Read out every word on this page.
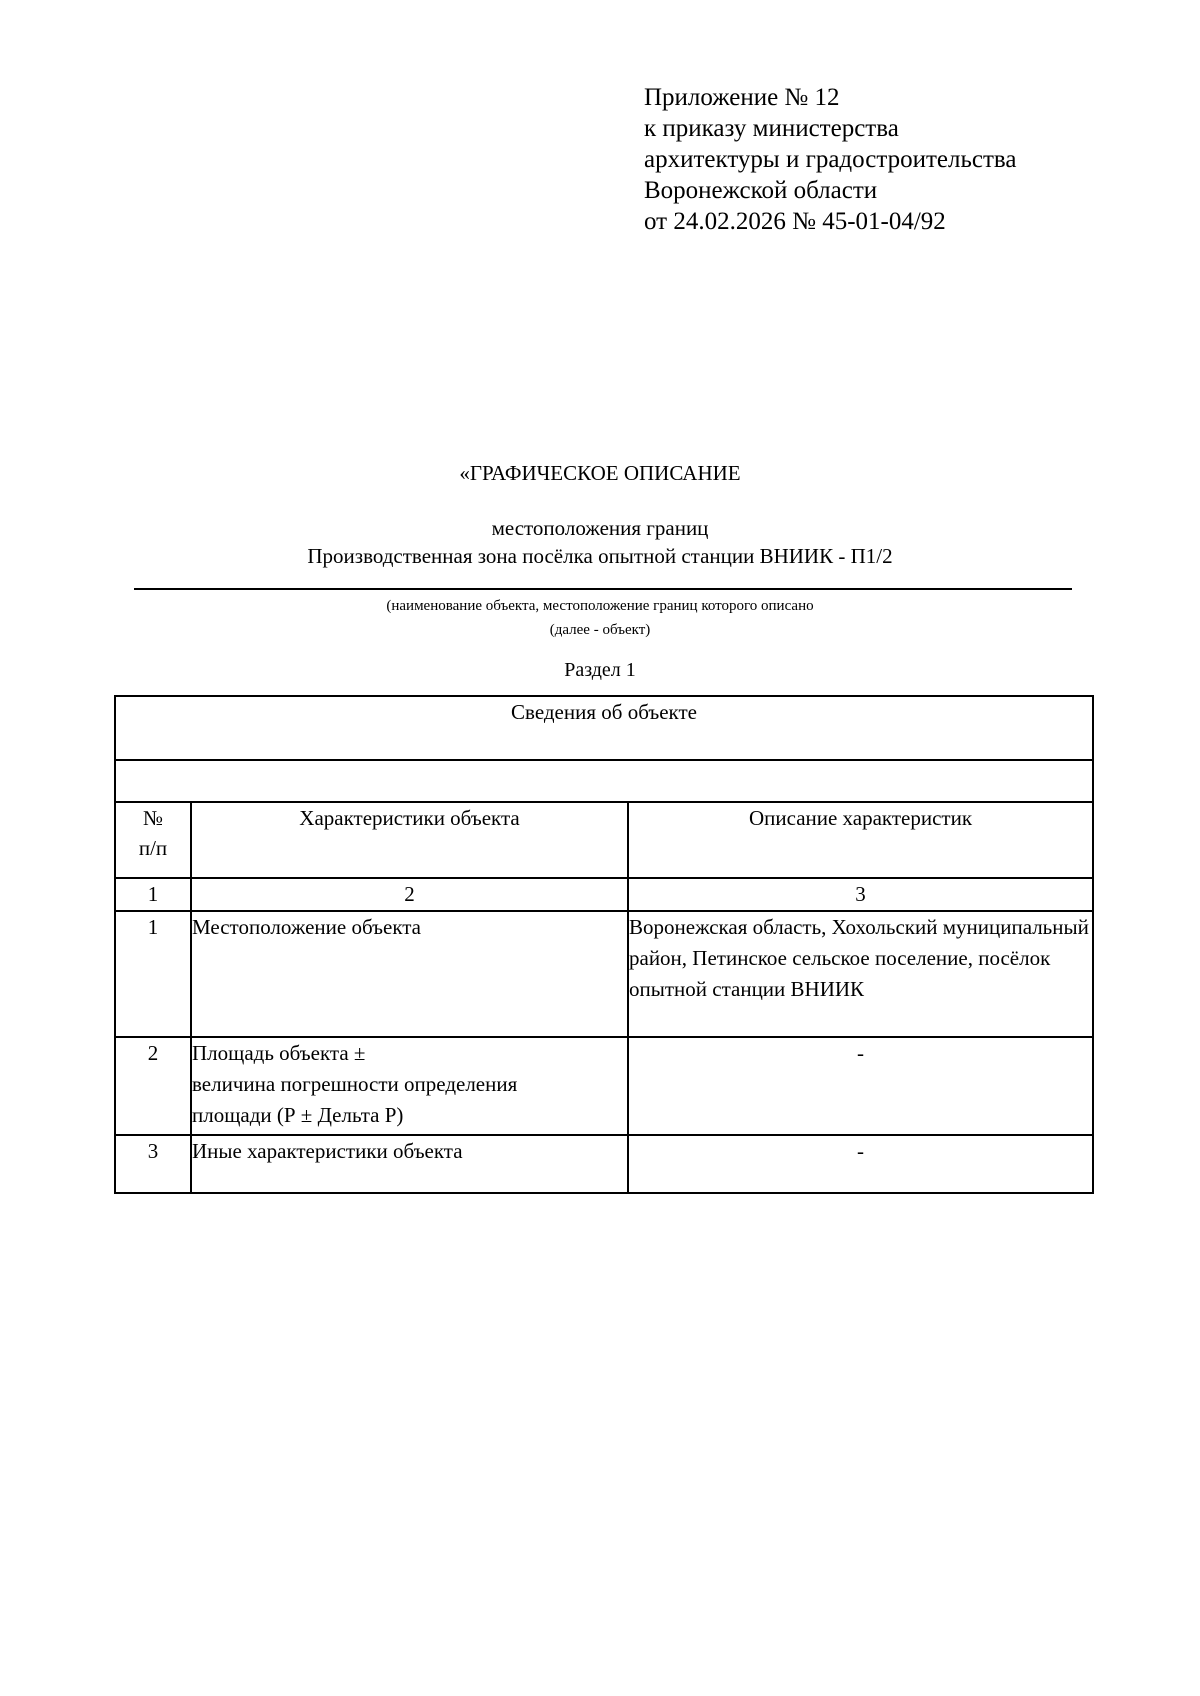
Приложение № 12
к приказу министерства
архитектуры и градостроительства
Воронежской области
от 24.02.2026 № 45-01-04/92
«ГРАФИЧЕСКОЕ ОПИСАНИЕ
местоположения границ
Производственная зона посёлка опытной станции ВНИИК - П1/2
(наименование объекта, местоположение границ которого описано
(далее - объект)
Раздел 1
Сведения об объекте		

№
п/п	Характеристики объекта	Описание характеристик
1	2	3
1	Местоположение объекта	Воронежская область, Хохольский муниципальный район, Петинское сельское поселение, посёлок опытной станции ВНИИК
2	Площадь объекта ±
величина погрешности определения
площади (Р ± Дельта Р)	-
3	Иные характеристики объекта	-
